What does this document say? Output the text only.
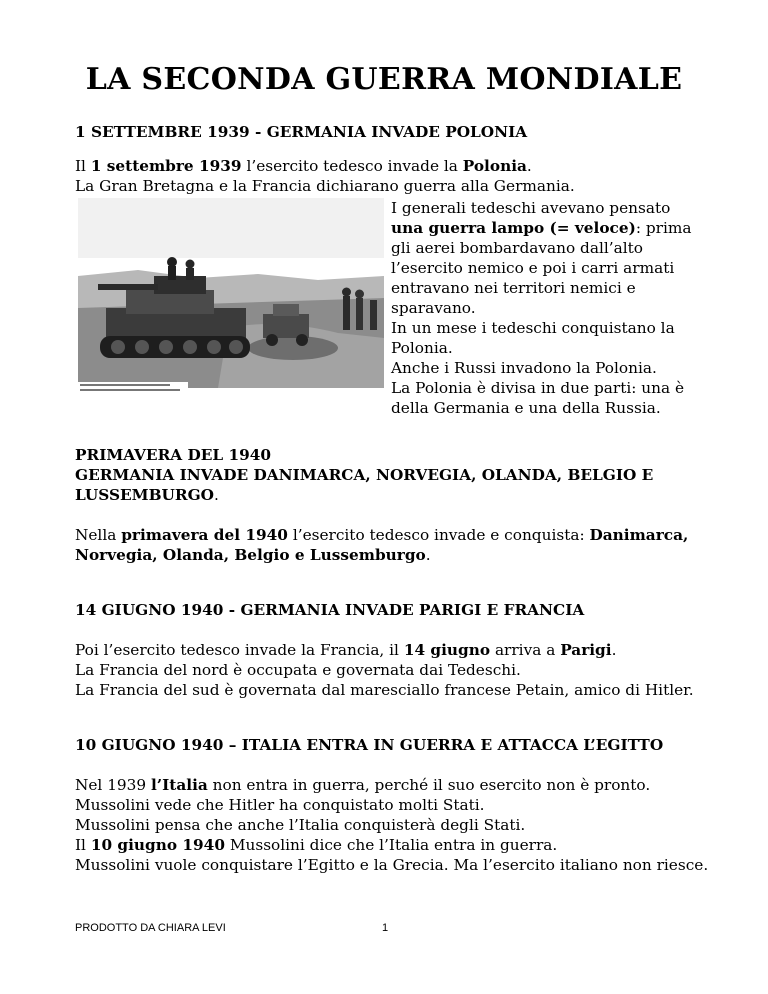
LA SECONDA GUERRA MONDIALE
1 SETTEMBRE 1939 - GERMANIA INVADE POLONIA
Il 1 settembre 1939 l’esercito tedesco invade la Polonia.
La Gran Bretagna e la Francia dichiarano guerra alla Germania.
I generali tedeschi avevano pensato
una guerra lampo (= veloce): prima
gli aerei bombardavano dall’alto
l’esercito nemico e poi i carri armati
entravano nei territori nemici e
sparavano.
In un mese i tedeschi conquistano la
Polonia.
Anche i Russi invadono la Polonia.
La Polonia è divisa in due parti: una è
della Germania e una della Russia.
PRIMAVERA DEL 1940
GERMANIA INVADE DANIMARCA, NORVEGIA, OLANDA, BELGIO E
LUSSEMBURGO.
Nella primavera del 1940 l’esercito tedesco invade e conquista: Danimarca,
Norvegia, Olanda, Belgio e Lussemburgo.
14 GIUGNO 1940 - GERMANIA INVADE PARIGI E FRANCIA
Poi l’esercito tedesco invade la Francia, il 14 giugno arriva a Parigi.
La Francia del nord è occupata e governata dai Tedeschi.
La Francia del sud è governata dal maresciallo francese Petain, amico di Hitler.
10 GIUGNO 1940 – ITALIA ENTRA IN GUERRA E ATTACCA L’EGITTO
Nel 1939 l’Italia non entra in guerra, perché il suo esercito non è pronto.
Mussolini vede che Hitler ha conquistato molti Stati.
Mussolini pensa che anche l’Italia conquisterà degli Stati.
Il 10 giugno 1940 Mussolini dice che l’Italia entra in guerra.
Mussolini vuole conquistare l’Egitto e la Grecia. Ma l’esercito italiano non riesce.
PRODOTTO DA CHIARA LEVI	1
